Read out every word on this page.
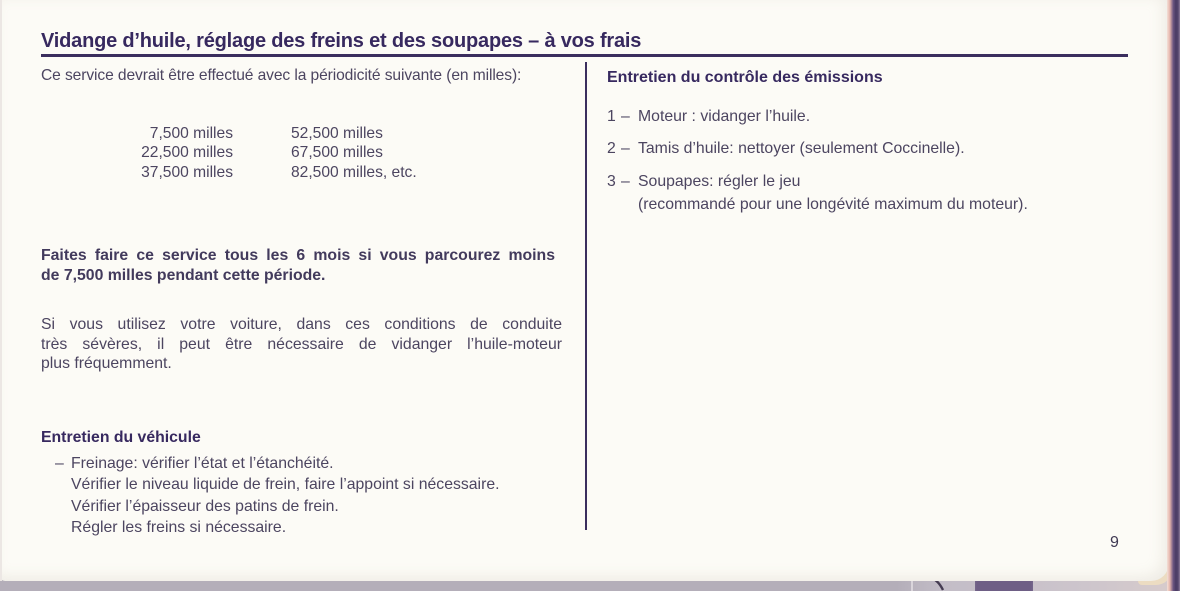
Vidange d’huile, réglage des freins et des soupapes – à vos frais
Ce service devrait être effectué avec la périodicité suivante (en milles):
7,500 milles
22,500 milles
37,500 milles
52,500 milles
67,500 milles
82,500 milles, etc.
Faites faire ce service tous les 6 mois si vous parcourez moins
de 7,500 milles pendant cette période.
Si vous utilisez votre voiture, dans ces conditions de conduite
très sévères, il peut être nécessaire de vidanger l’huile-moteur
plus fréquemment.
Entretien du véhicule
– Freinage: vérifier l’état et l’étanchéité.
Vérifier le niveau liquide de frein, faire l’appoint si nécessaire.
Vérifier l’épaisseur des patins de frein.
Régler les freins si nécessaire.
Entretien du contrôle des émissions
1 – Moteur : vidanger l’huile.
2 – Tamis d’huile: nettoyer (seulement Coccinelle).
3 – Soupapes: régler le jeu
(recommandé pour une longévité maximum du moteur).
9
